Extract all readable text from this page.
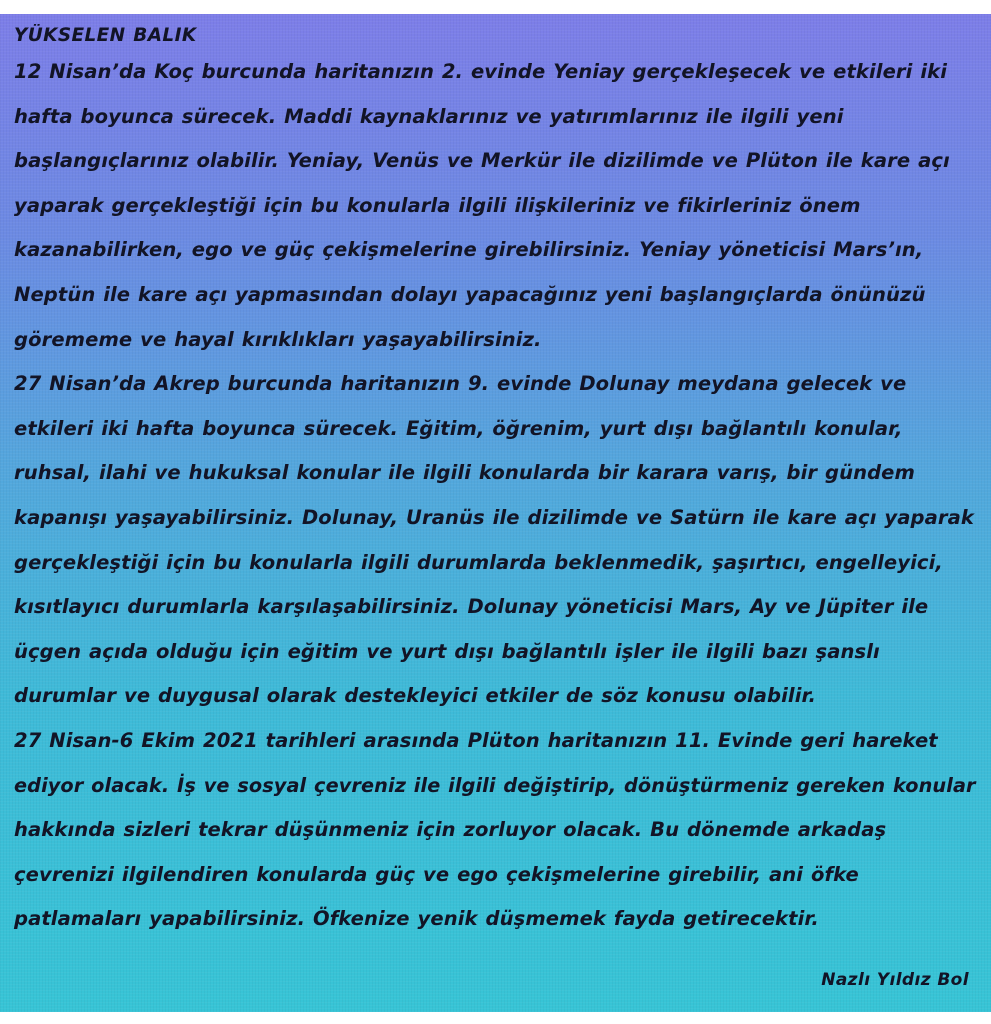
YÜKSELEN BALIK
12 Nisan’da Koç burcunda haritanızın 2. evinde Yeniay gerçekleşecek ve etkileri iki
hafta boyunca sürecek. Maddi kaynaklarınız ve yatırımlarınız ile ilgili yeni
başlangıçlarınız olabilir. Yeniay, Venüs ve Merkür ile dizilimde ve Plüton ile kare açı
yaparak gerçekleştiği için bu konularla ilgili ilişkileriniz ve fikirleriniz önem
kazanabilirken, ego ve güç çekişmelerine girebilirsiniz. Yeniay yöneticisi Mars’ın,
Neptün ile kare açı yapmasından dolayı yapacağınız yeni başlangıçlarda önünüzü
görememe ve hayal kırıklıkları yaşayabilirsiniz.
27 Nisan’da Akrep burcunda haritanızın 9. evinde Dolunay meydana gelecek ve
etkileri iki hafta boyunca sürecek. Eğitim, öğrenim, yurt dışı bağlantılı konular,
ruhsal, ilahi ve hukuksal konular ile ilgili konularda bir karara varış, bir gündem
kapanışı yaşayabilirsiniz. Dolunay, Uranüs ile dizilimde ve Satürn ile kare açı yaparak
gerçekleştiği için bu konularla ilgili durumlarda beklenmedik, şaşırtıcı, engelleyici,
kısıtlayıcı durumlarla karşılaşabilirsiniz. Dolunay yöneticisi Mars, Ay ve Jüpiter ile
üçgen açıda olduğu için eğitim ve yurt dışı bağlantılı işler ile ilgili bazı şanslı
durumlar ve duygusal olarak destekleyici etkiler de söz konusu olabilir.
27 Nisan-6 Ekim 2021 tarihleri arasında Plüton haritanızın 11. Evinde geri hareket
ediyor olacak. İş ve sosyal çevreniz ile ilgili değiştirip, dönüştürmeniz gereken konular
hakkında sizleri tekrar düşünmeniz için zorluyor olacak. Bu dönemde arkadaş
çevrenizi ilgilendiren konularda güç ve ego çekişmelerine girebilir, ani öfke
patlamaları yapabilirsiniz. Öfkenize yenik düşmemek fayda getirecektir.
Nazlı Yıldız Bol
